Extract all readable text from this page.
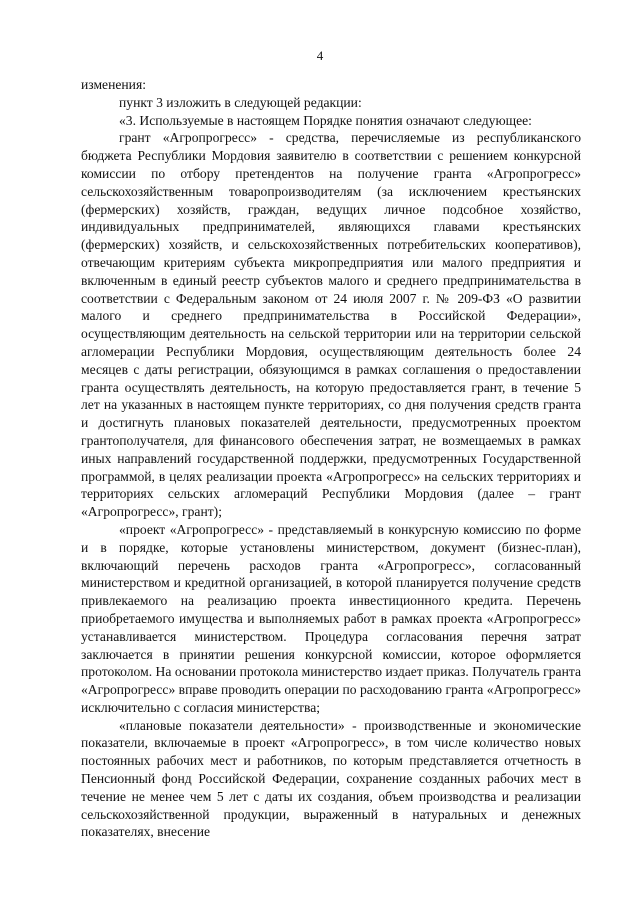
4

изменения:

пункт 3 изложить в следующей редакции:

«3. Используемые в настоящем Порядке понятия означают следующее:

грант «Агропрогресс» - средства, перечисляемые из республиканского бюджета Республики Мордовия заявителю в соответствии с решением конкурсной комиссии по отбору претендентов на получение гранта «Агропрогресс» сельскохозяйственным товаропроизводителям (за исключением крестьянских (фермерских) хозяйств, граждан, ведущих личное подсобное хозяйство, индивидуальных предпринимателей, являющихся главами крестьянских (фермерских) хозяйств, и сельскохозяйственных потребительских кооперативов), отвечающим критериям субъекта микропредприятия или малого предприятия и включенным в единый реестр субъектов малого и среднего предпринимательства в соответствии с Федеральным законом от 24 июля 2007 г. № 209-ФЗ «О развитии малого и среднего предпринимательства в Российской Федерации», осуществляющим деятельность на сельской территории или на территории сельской агломерации Республики Мордовия, осуществляющим деятельность более 24 месяцев с даты регистрации, обязующимся в рамках соглашения о предоставлении гранта осуществлять деятельность, на которую предоставляется грант, в течение 5 лет на указанных в настоящем пункте территориях, со дня получения средств гранта и достигнуть плановых показателей деятельности, предусмотренных проектом грантополучателя, для финансового обеспечения затрат, не возмещаемых в рамках иных направлений государственной поддержки, предусмотренных Государственной программой, в целях реализации проекта «Агропрогресс» на сельских территориях и территориях сельских агломераций Республики Мордовия (далее – грант «Агропрогресс», грант);

«проект «Агропрогресс» - представляемый в конкурсную комиссию по форме и в порядке, которые установлены министерством, документ (бизнес-план), включающий перечень расходов гранта «Агропрогресс», согласованный министерством и кредитной организацией, в которой планируется получение средств привлекаемого на реализацию проекта инвестиционного кредита. Перечень приобретаемого имущества и выполняемых работ в рамках проекта «Агропрогресс» устанавливается министерством. Процедура согласования перечня затрат заключается в принятии решения конкурсной комиссии, которое оформляется протоколом. На основании протокола министерство издает приказ. Получатель гранта «Агропрогресс» вправе проводить операции по расходованию гранта «Агропрогресс» исключительно с согласия министерства;

«плановые показатели деятельности» - производственные и экономические показатели, включаемые в проект «Агропрогресс», в том числе количество новых постоянных рабочих мест и работников, по которым представляется отчетность в Пенсионный фонд Российской Федерации, сохранение созданных рабочих мест в течение не менее чем 5 лет с даты их создания, объем производства и реализации сельскохозяйственной продукции, выраженный в натуральных и денежных показателях, внесение
